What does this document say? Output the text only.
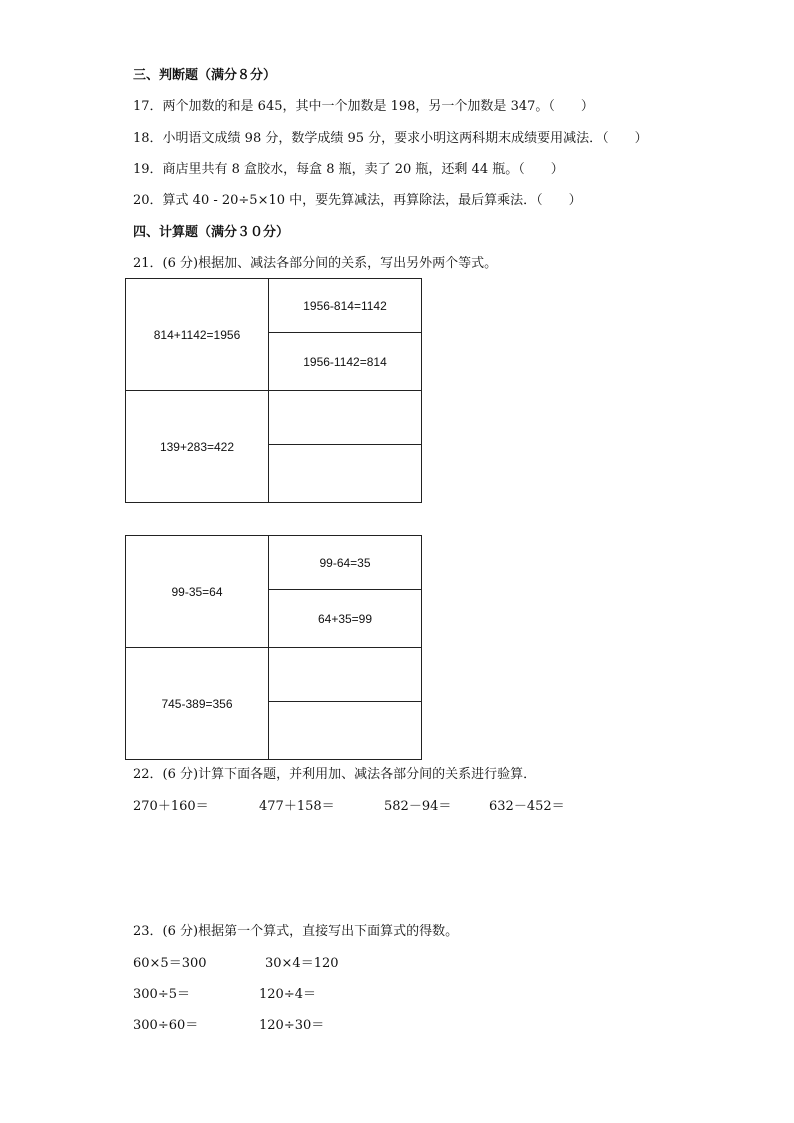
三、判断题（满分８分）
17．两个加数的和是 645，其中一个加数是 198，另一个加数是 347。（　　）
18．小明语文成绩 98 分，数学成绩 95 分，要求小明这两科期末成绩要用减法．（　　）
19．商店里共有 8 盒胶水，每盒 8 瓶，卖了 20 瓶，还剩 44 瓶。（　　）
20．算式 40 - 20÷5×10 中，要先算减法，再算除法，最后算乘法．（　　）
四、计算题（满分３０分）
21．(6 分)根据加、减法各部分间的关系，写出另外两个等式。
814+1142=1956	1956-814=1142
	1956-1142=814
139+283=422	

99-35=64	99-64=35
	64+35=99
745-389=356	

22．(6 分)计算下面各题，并利用加、减法各部分间的关系进行验算．
270＋160＝	477＋158＝	582－94＝	632－452＝
23．(6 分)根据第一个算式，直接写出下面算式的得数。
60×5＝300	30×4＝120
300÷5＝	120÷4＝
300÷60＝	120÷30＝
